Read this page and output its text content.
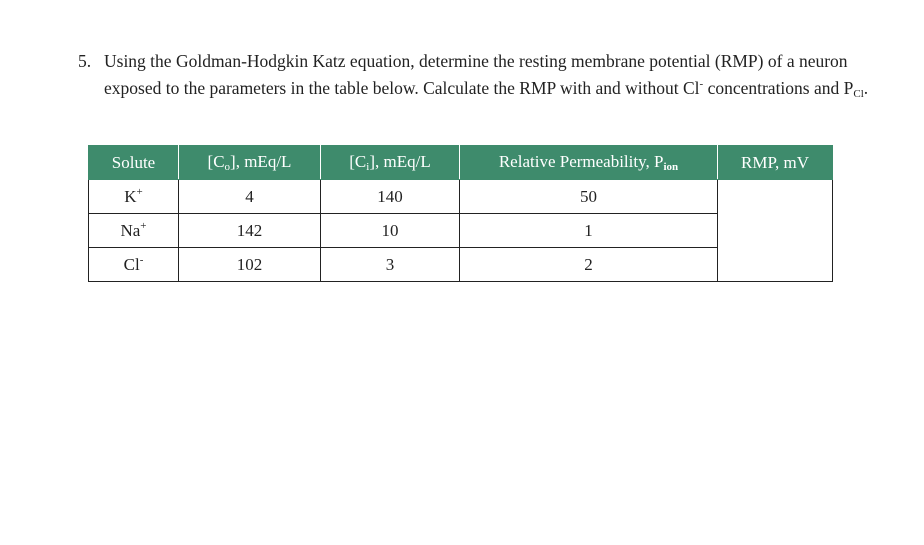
5. Using the Goldman-Hodgkin Katz equation, determine the resting membrane potential (RMP) of a neuron exposed to the parameters in the table below. Calculate the RMP with and without Cl- concentrations and $P_{Cl}$.
Solute	$[C_o]$, mEq/L	$[C_i]$, mEq/L	Relative Permeability, $P_{ion}$	RMP, mV
K+	4	140	50	
Na+	142	10	1	
Cl-	102	3	2	
